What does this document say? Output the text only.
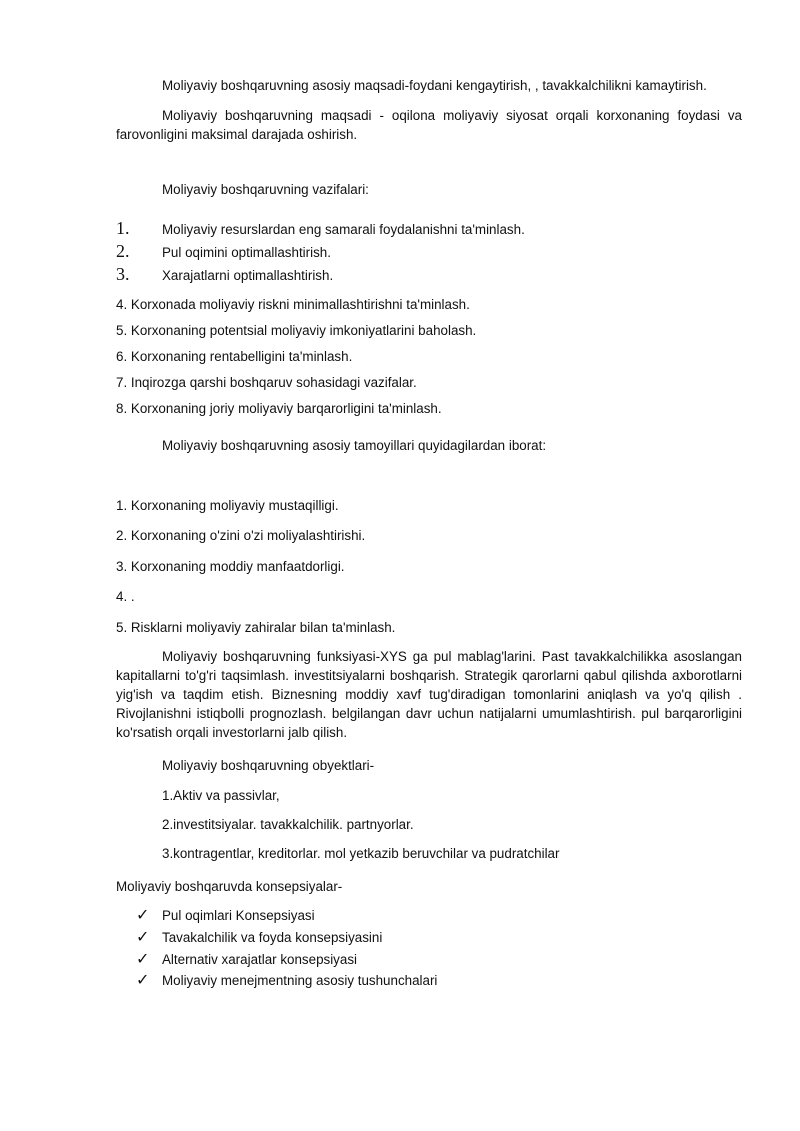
Moliyaviy boshqaruvning asosiy maqsadi-foydani kengaytirish, , tavakkalchilikni kamaytirish.
Moliyaviy boshqaruvning maqsadi - oqilona moliyaviy siyosat orqali korxonaning foydasi va farovonligini maksimal darajada oshirish.
Moliyaviy boshqaruvning vazifalari:
1. Moliyaviy resurslardan eng samarali foydalanishni ta'minlash.
2. Pul oqimini optimallashtirish.
3. Xarajatlarni optimallashtirish.
4. Korxonada moliyaviy riskni minimallashtirishni ta'minlash.
5. Korxonaning potentsial moliyaviy imkoniyatlarini baholash.
6. Korxonaning rentabelligini ta'minlash.
7. Inqirozga qarshi boshqaruv sohasidagi vazifalar.
8. Korxonaning joriy moliyaviy barqarorligini ta'minlash.
Moliyaviy boshqaruvning asosiy tamoyillari quyidagilardan iborat:
1. Korxonaning moliyaviy mustaqilligi.
2. Korxonaning o'zini o'zi moliyalashtirishi.
3. Korxonaning moddiy manfaatdorligi.
4. .
5. Risklarni moliyaviy zahiralar bilan ta'minlash.
Moliyaviy boshqaruvning funksiyasi-XYS ga pul mablag'larini. Past tavakkalchilikka asoslangan kapitallarni to'g'ri taqsimlash. investitsiyalarni boshqarish. Strategik qarorlarni qabul qilishda axborotlarni yig'ish va taqdim etish. Biznesning moddiy xavf tug'diradigan tomonlarini aniqlash va yo'q qilish . Rivojlanishni istiqbolli prognozlash. belgilangan davr uchun natijalarni umumlashtirish. pul barqarorligini ko'rsatish orqali investorlarni jalb qilish.
Moliyaviy boshqaruvning obyektlari-
1.Aktiv va passivlar,
2.investitsiyalar. tavakkalchilik. partnyorlar.
3.kontragentlar, kreditorlar. mol yetkazib beruvchilar va pudratchilar
Moliyaviy boshqaruvda konsepsiyalar-
✓ Pul oqimlari Konsepsiyasi
✓ Tavakalchilik va foyda konsepsiyasini
✓ Alternativ xarajatlar konsepsiyasi
✓ Moliyaviy menejmentning asosiy tushunchalari
